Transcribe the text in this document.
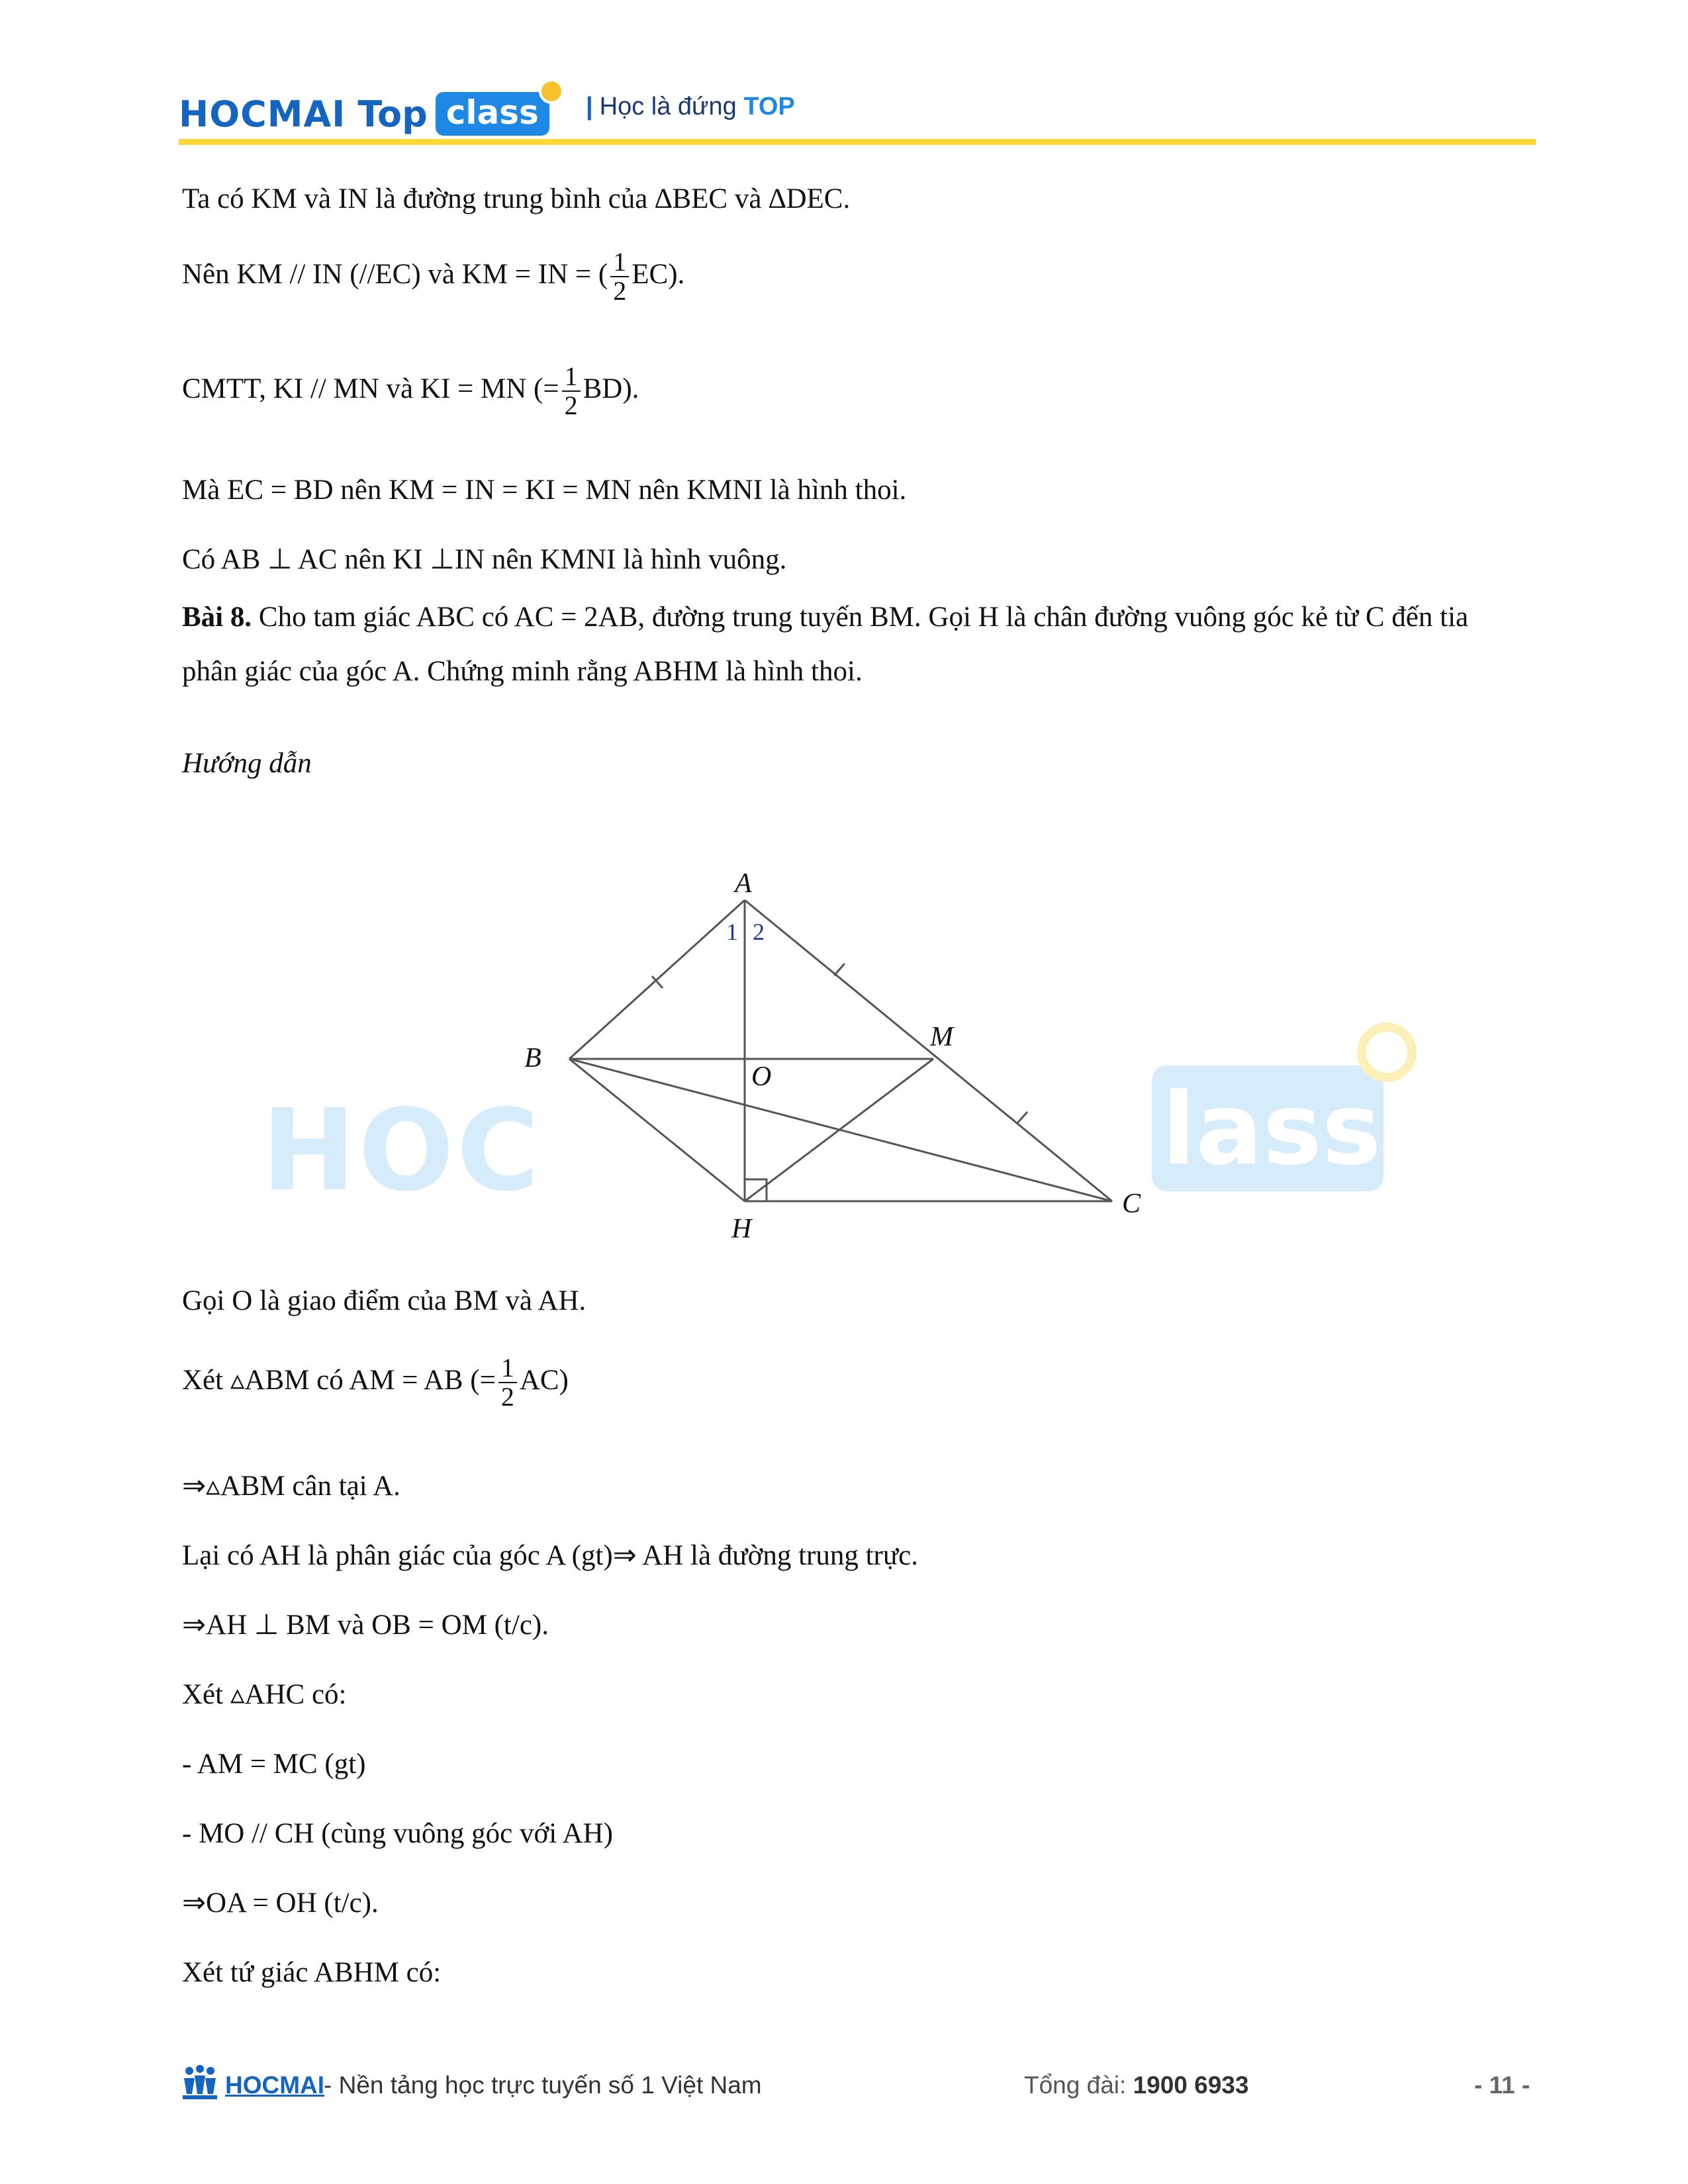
HOCMAI Top class	| Học là đứng TOP
Ta có KM và IN là đường trung bình của ∆BEC và ∆DEC.
Nên KM // IN (//EC) và KM = IN = ( $\frac{1}{2} EC$).
CMTT, KI // MN và KI = MN (= $\frac{1}{2} BD$).
Mà EC = BD nên KM = IN = KI = MN nên KMNI là hình thoi.
Có AB ⊥ AC nên KI ⊥IN nên KMNI là hình vuông.
Bài 8. Cho tam giác ABC có AC = 2AB, đường trung tuyến BM. Gọi H là chân đường vuông góc kẻ từ C đến tia phân giác của góc A. Chứng minh rằng ABHM là hình thoi.
Hướng dẫn
Gọi O là giao điểm của BM và AH.
Xét ▵ABM có AM = AB (= $\frac{1}{2} AC$)
⇒▵ABM cân tại A.
Lại có AH là phân giác của góc A (gt)⇒ AH là đường trung trực.
⇒AH ⊥ BM và OB = OM (t/c).
Xét ▵AHC có:
- AM = MC (gt)
- MO // CH (cùng vuông góc với AH)
⇒OA = OH (t/c).
Xét tứ giác ABHM có:
HOC	lass
A
B
C
M
O
H
1 2
HOCMAI
- Nền tảng học trực tuyến số 1 Việt Nam	Tổng đài: 1900 6933	- 11 -
